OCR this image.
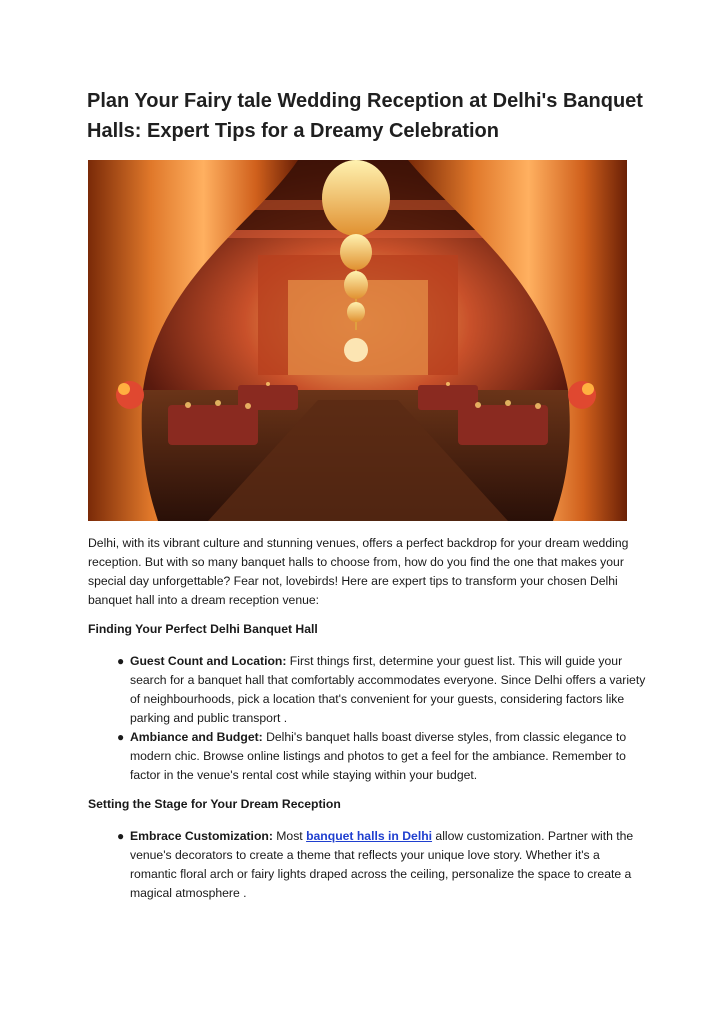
Plan Your Fairy tale Wedding Reception at Delhi's Banquet Halls: Expert Tips for a Dreamy Celebration

Delhi, with its vibrant culture and stunning venues, offers a perfect backdrop for your dream wedding reception. But with so many banquet halls to choose from, how do you find the one that makes your special day unforgettable? Fear not, lovebirds! Here are expert tips to transform your chosen Delhi banquet hall into a dream reception venue:

Finding Your Perfect Delhi Banquet Hall

● Guest Count and Location: First things first, determine your guest list. This will guide your search for a banquet hall that comfortably accommodates everyone. Since Delhi offers a variety of neighbourhoods, pick a location that's convenient for your guests, considering factors like parking and public transport .
● Ambiance and Budget: Delhi's banquet halls boast diverse styles, from classic elegance to modern chic. Browse online listings and photos to get a feel for the ambiance. Remember to factor in the venue's rental cost while staying within your budget.

Setting the Stage for Your Dream Reception

● Embrace Customization: Most banquet halls in Delhi allow customization. Partner with the venue's decorators to create a theme that reflects your unique love story. Whether it's a romantic floral arch or fairy lights draped across the ceiling, personalize the space to create a magical atmosphere .
